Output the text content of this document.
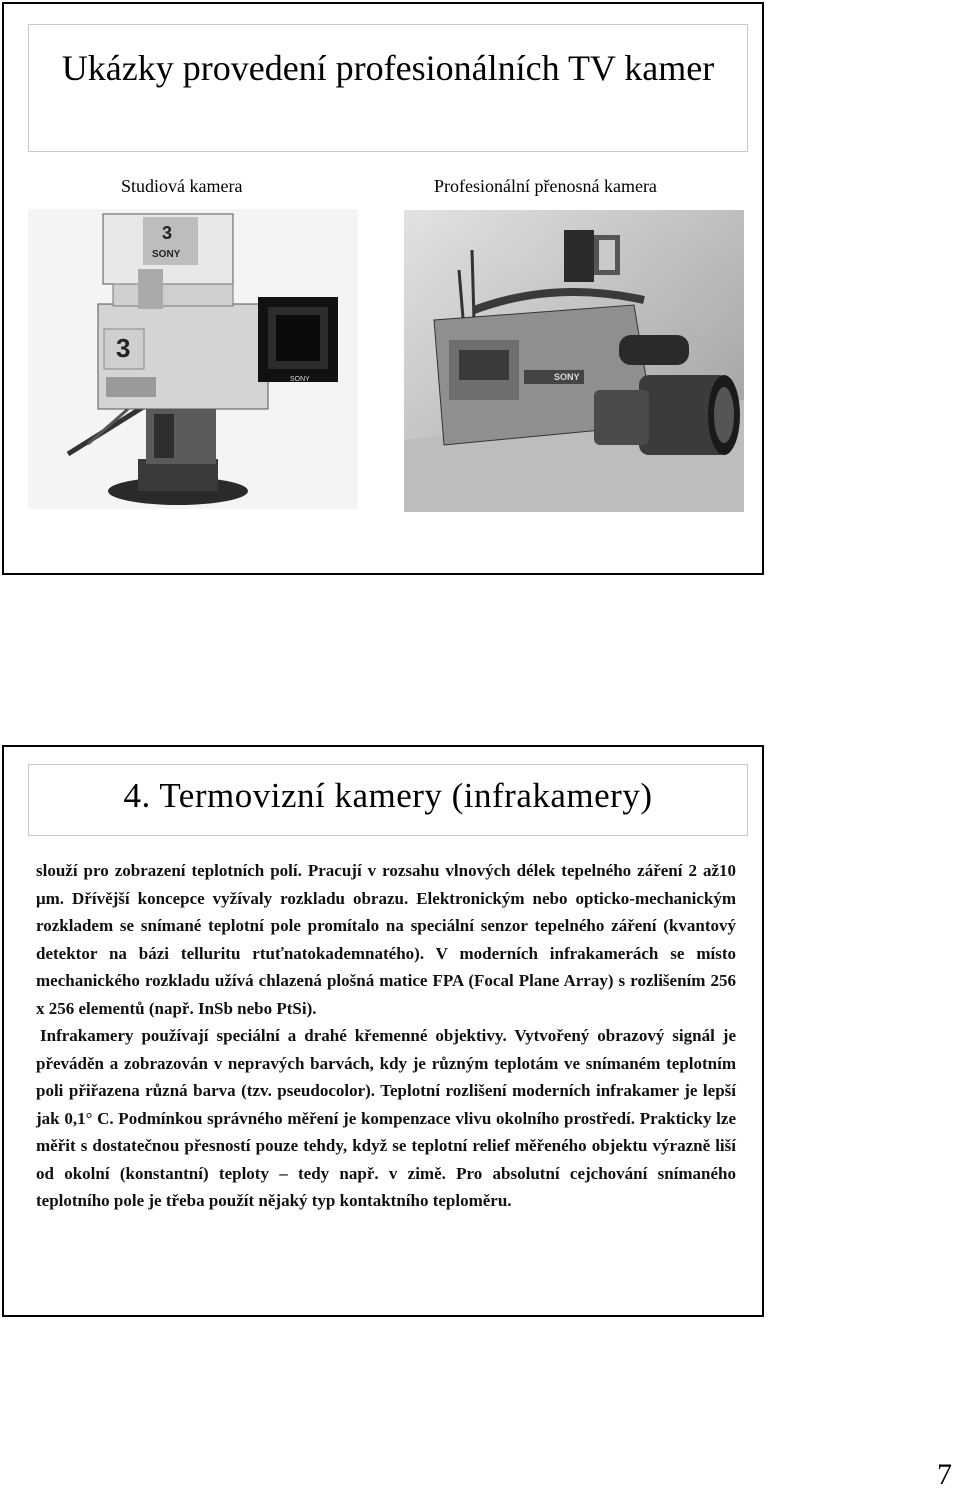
Ukázky provedení profesionálních TV kamer
Studiová kamera	Profesionální přenosná kamera
3
3
SONY
SONY	SONY
4. Termovizní kamery (infrakamery)

slouží pro zobrazení teplotních polí. Pracují v rozsahu vlnových délek tepelného záření 2 až10 μm. Dřívější koncepce vyžívaly rozkladu obrazu. Elektronickým nebo opticko-mechanickým rozkladem se snímané teplotní pole promítalo na speciální senzor tepelného záření (kvantový detektor na bázi telluritu rtuťnatokademnatého). V moderních infrakamerách se místo mechanického rozkladu užívá chlazená plošná matice FPA (Focal Plane Array) s rozlišením 256 x 256 elementů (např. InSb nebo PtSi).

Infrakamery používají speciální a drahé křemenné objektivy. Vytvořený obrazový signál je převáděn a zobrazován v nepravých barvách, kdy je různým teplotám ve snímaném teplotním poli přiřazena různá barva (tzv. pseudocolor). Teplotní rozlišení moderních infrakamer je lepší jak 0,1° C. Podmínkou správného měření je kompenzace vlivu okolního prostředí. Prakticky lze měřit s dostatečnou přesností pouze tehdy, když se teplotní relief měřeného objektu výrazně liší od okolní (konstantní) teploty – tedy např. v zimě. Pro absolutní cejchování snímaného teplotního pole je třeba použít nějaký typ kontaktního teploměru.

7
